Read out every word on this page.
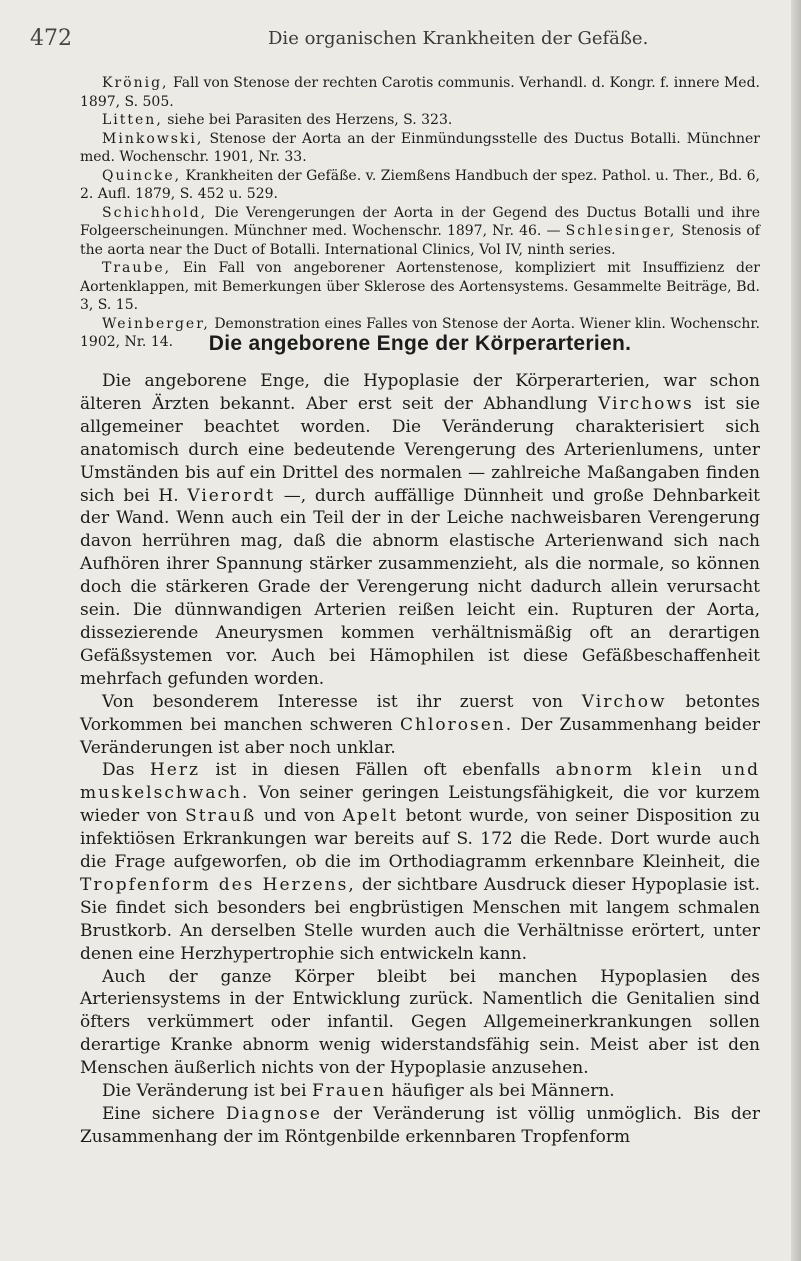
472	Die organischen Krankheiten der Gefäße.

Krönig, Fall von Stenose der rechten Carotis communis. Verhandl. d. Kongr. f. innere Med. 1897, S. 505.

Litten, siehe bei Parasiten des Herzens, S. 323.

Minkowski, Stenose der Aorta an der Einmündungsstelle des Ductus Botalli. Münchner med. Wochenschr. 1901, Nr. 33.

Quincke, Krankheiten der Gefäße. v. Ziemßens Handbuch der spez. Pathol. u. Ther., Bd. 6, 2. Aufl. 1879, S. 452 u. 529.

Schichhold, Die Verengerungen der Aorta in der Gegend des Ductus Botalli und ihre Folgeerscheinungen. Münchner med. Wochenschr. 1897, Nr. 46. — Schlesinger, Stenosis of the aorta near the Duct of Botalli. International Clinics, Vol IV, ninth series.

Traube, Ein Fall von angeborener Aortenstenose, kompliziert mit Insuffizienz der Aortenklappen, mit Bemerkungen über Sklerose des Aortensystems. Gesammelte Beiträge, Bd. 3, S. 15.

Weinberger, Demonstration eines Falles von Stenose der Aorta. Wiener klin. Wochenschr. 1902, Nr. 14.	Die angeborene Enge der Körperarterien.

Die angeborene Enge, die Hypoplasie der Körperarterien, war schon älteren Ärzten bekannt. Aber erst seit der Abhandlung Virchows ist sie allgemeiner beachtet worden. Die Veränderung charakterisiert sich anatomisch durch eine bedeutende Verengerung des Arterienlumens, unter Umständen bis auf ein Drittel des normalen — zahlreiche Maßangaben finden sich bei H. Vierordt —, durch auffällige Dünnheit und große Dehnbarkeit der Wand. Wenn auch ein Teil der in der Leiche nachweisbaren Verengerung davon herrühren mag, daß die abnorm elastische Arterienwand sich nach Aufhören ihrer Spannung stärker zusammenzieht, als die normale, so können doch die stärkeren Grade der Verengerung nicht dadurch allein verursacht sein. Die dünnwandigen Arterien reißen leicht ein. Rupturen der Aorta, dissezierende Aneurysmen kommen verhältnismäßig oft an derartigen Gefäßsystemen vor. Auch bei Hämophilen ist diese Gefäßbeschaffenheit mehrfach gefunden worden.

Von besonderem Interesse ist ihr zuerst von Virchow betontes Vorkommen bei manchen schweren Chlorosen. Der Zusammenhang beider Veränderungen ist aber noch unklar.

Das Herz ist in diesen Fällen oft ebenfalls abnorm klein und muskelschwach. Von seiner geringen Leistungsfähigkeit, die vor kurzem wieder von Strauß und von Apelt betont wurde, von seiner Disposition zu infektiösen Erkrankungen war bereits auf S. 172 die Rede. Dort wurde auch die Frage aufgeworfen, ob die im Orthodiagramm erkennbare Kleinheit, die Tropfenform des Herzens, der sichtbare Ausdruck dieser Hypoplasie ist. Sie findet sich besonders bei engbrüstigen Menschen mit langem schmalen Brustkorb. An derselben Stelle wurden auch die Verhältnisse erörtert, unter denen eine Herzhypertrophie sich entwickeln kann.

Auch der ganze Körper bleibt bei manchen Hypoplasien des Arteriensystems in der Entwicklung zurück. Namentlich die Genitalien sind öfters verkümmert oder infantil. Gegen Allgemeinerkrankungen sollen derartige Kranke abnorm wenig widerstandsfähig sein. Meist aber ist den Menschen äußerlich nichts von der Hypoplasie anzusehen.

Die Veränderung ist bei Frauen häufiger als bei Männern.

Eine sichere Diagnose der Veränderung ist völlig unmöglich. Bis der Zusammenhang der im Röntgenbilde erkennbaren Tropfenform
